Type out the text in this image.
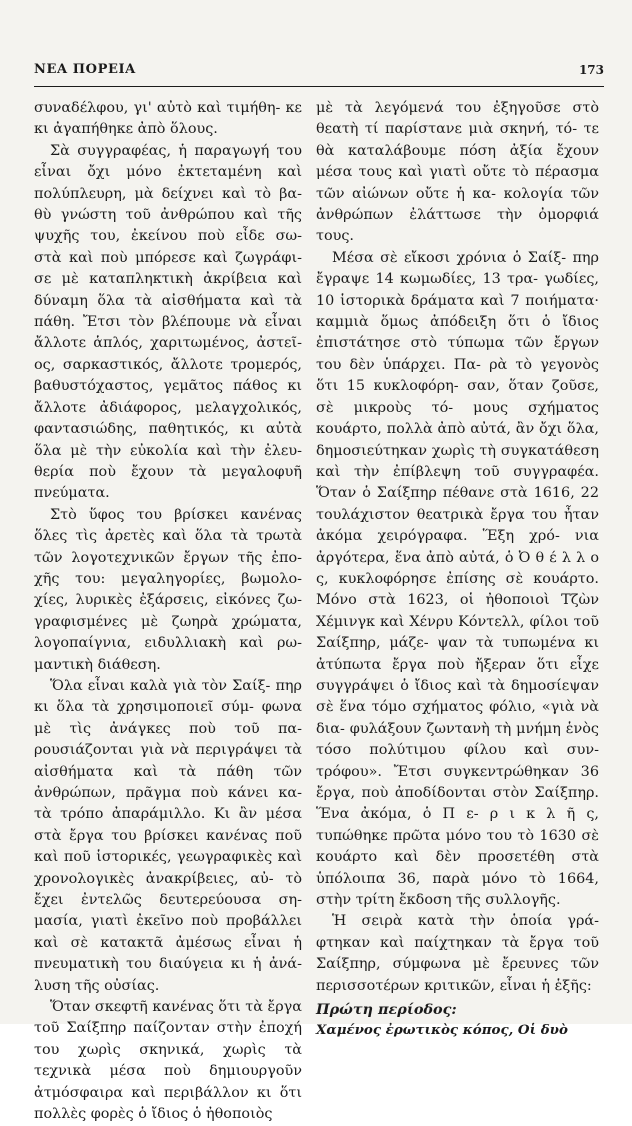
ΝΕΑ ΠΟΡΕΙΑ	173

συναδέλφου, γι' αὐτὸ καὶ τιμήθη- κε κι ἀγαπήθηκε ἀπὸ ὅλους.

Σὰ συγγραφέας, ἡ παραγωγή του εἶναι ὄχι μόνο ἐκτεταμένη καὶ πολύπλευρη, μὰ δείχνει καὶ τὸ βα- θὺ γνώστη τοῦ ἀνθρώπου καὶ τῆς ψυχῆς του, ἐκείνου ποὺ εἶδε σω- στὰ καὶ ποὺ μπόρεσε καὶ ζωγράφι- σε μὲ καταπληκτικὴ ἀκρίβεια καὶ δύναμη ὅλα τὰ αἰσθήματα καὶ τὰ πάθη. Ἔτσι τὸν βλέπουμε νὰ εἶναι ἄλλοτε ἁπλός, χαριτωμένος, ἀστεῖ- ος, σαρκαστικός, ἄλλοτε τρομερός, βαθυστόχαστος, γεμᾶτος πάθος κι ἄλλοτε ἀδιάφορος, μελαγχολικός, φαντασιώδης, παθητικός, κι αὐτὰ ὅλα μὲ τὴν εὐκολία καὶ τὴν ἐλευ- θερία ποὺ ἔχουν τὰ μεγαλοφυῆ πνεύματα.

Στὸ ὕφος του βρίσκει κανένας ὅλες τὶς ἀρετὲς καὶ ὅλα τὰ τρωτὰ τῶν λογοτεχνικῶν ἔργων τῆς ἐπο- χῆς του: μεγαληγορίες, βωμολο- χίες, λυρικὲς ἐξάρσεις, εἰκόνες ζω- γραφισμένες μὲ ζωηρὰ χρώματα, λογοπαίγνια, ειδυλλιακὴ καὶ ρω- μαντικὴ διάθεση.

Ὅλα εἶναι καλὰ γιὰ τὸν Σαίξ- πηρ κι ὅλα τὰ χρησιμοποιεῖ σύμ- φωνα μὲ τὶς ἀνάγκες ποὺ τοῦ πα- ρουσιάζονται γιὰ νὰ περιγράψει τὰ αἰσθήματα καὶ τὰ πάθη τῶν ἀνθρώπων, πρᾶγμα ποὺ κάνει κα- τὰ τρόπο ἀπαράμιλλο. Κι ἂν μέσα στὰ ἔργα του βρίσκει κανένας ποῦ καὶ ποῦ ἱστορικές, γεωγραφικὲς καὶ χρονολογικὲς ἀνακρίβειες, αὐ- τὸ ἔχει ἐντελῶς δευτερεύουσα ση- μασία, γιατὶ ἐκεῖνο ποὺ προβάλλει καὶ σὲ κατακτᾶ ἀμέσως εἶναι ἡ πνευματικὴ του διαύγεια κι ἡ ἀνά- λυση τῆς οὐσίας.

Ὅταν σκεφτῆ κανένας ὅτι τὰ ἔργα τοῦ Σαίξπηρ παίζονταν στὴν ἐποχή του χωρὶς σκηνικά, χωρὶς τὰ τεχνικὰ μέσα ποὺ δημιουργοῦν ἀτμόσφαιρα καὶ περιβάλλον κι ὅτι πολλὲς φορὲς ὁ ἴδιος ὁ ἠθοποιὸς

μὲ τὰ λεγόμενά του ἐξηγοῦσε στὸ θεατὴ τί παρίστανε μιὰ σκηνή, τό- τε θὰ καταλάβουμε πόση ἀξία ἔχουν μέσα τους καὶ γιατὶ οὔτε τὸ πέρασμα τῶν αἰώνων οὔτε ἡ κα- κολογία τῶν ἀνθρώπων ἐλάττωσε τὴν ὀμορφιά τους.

Μέσα σὲ εἴκοσι χρόνια ὁ Σαίξ- πηρ ἔγραψε 14 κωμωδίες, 13 τρα- γωδίες, 10 ἱστορικὰ δράματα καὶ 7 ποιήματα· καμμιὰ ὅμως ἀπόδειξη ὅτι ὁ ἴδιος ἐπιστάτησε στὸ τύπωμα τῶν ἔργων του δὲν ὑπάρχει. Πα- ρὰ τὸ γεγονὸς ὅτι 15 κυκλοφόρη- σαν, ὅταν ζοῦσε, σὲ μικροὺς τό- μους σχήματος κουάρτο, πολλὰ ἀπὸ αὐτά, ἂν ὄχι ὅλα, δημοσιεύτηκαν χωρὶς τὴ συγκατάθεση καὶ τὴν ἐπίβλεψη τοῦ συγγραφέα. Ὅταν ὁ Σαίξπηρ πέθανε στὰ 1616, 22 τουλάχιστον θεατρικὰ ἔργα του ἦταν ἀκόμα χειρόγραφα. Ἕξη χρό- νια ἀργότερα, ἕνα ἀπὸ αὐτά, ὁ Ὀ θ έ λ λ ο ς, κυκλοφόρησε ἐπίσης σὲ κουάρτο. Μόνο στὰ 1623, οἱ ἠθοποιοὶ Τζὼν Χέμινγκ καὶ Χένρυ Κόντελλ, φίλοι τοῦ Σαίξπηρ, μάζε- ψαν τὰ τυπωμένα κι ἀτύπωτα ἔργα ποὺ ἤξεραν ὅτι εἶχε συγγράψει ὁ ἴδιος καὶ τὰ δημοσίεψαν σὲ ἕνα τόμο σχήματος φόλιο, «γιὰ νὰ δια- φυλάξουν ζωντανὴ τὴ μνήμη ἑνὸς τόσο πολύτιμου φίλου καὶ συν- τρόφου». Ἔτσι συγκεντρώθηκαν 36 ἔργα, ποὺ ἀποδίδονται στὸν Σαίξπηρ. Ἕνα ἀκόμα, ὁ Π ε- ρ ι κ λ ῆ ς, τυπώθηκε πρῶτα μόνο του τὸ 1630 σὲ κουάρτο καὶ δὲν προσετέθη στὰ ὑπόλοιπα 36, παρὰ μόνο τὸ 1664, στὴν τρίτη ἔκδοση τῆς συλλογῆς.

Ἡ σειρὰ κατὰ τὴν ὁποία γρά- φτηκαν καὶ παίχτηκαν τὰ ἔργα τοῦ Σαίξπηρ, σύμφωνα μὲ ἔρευνες τῶν περισσοτέρων κριτικῶν, εἶναι ἡ ἑξῆς:

Πρώτη περίοδος:

Χαμένος ἐρωτικὸς κόπος, Οἱ δυὸ
